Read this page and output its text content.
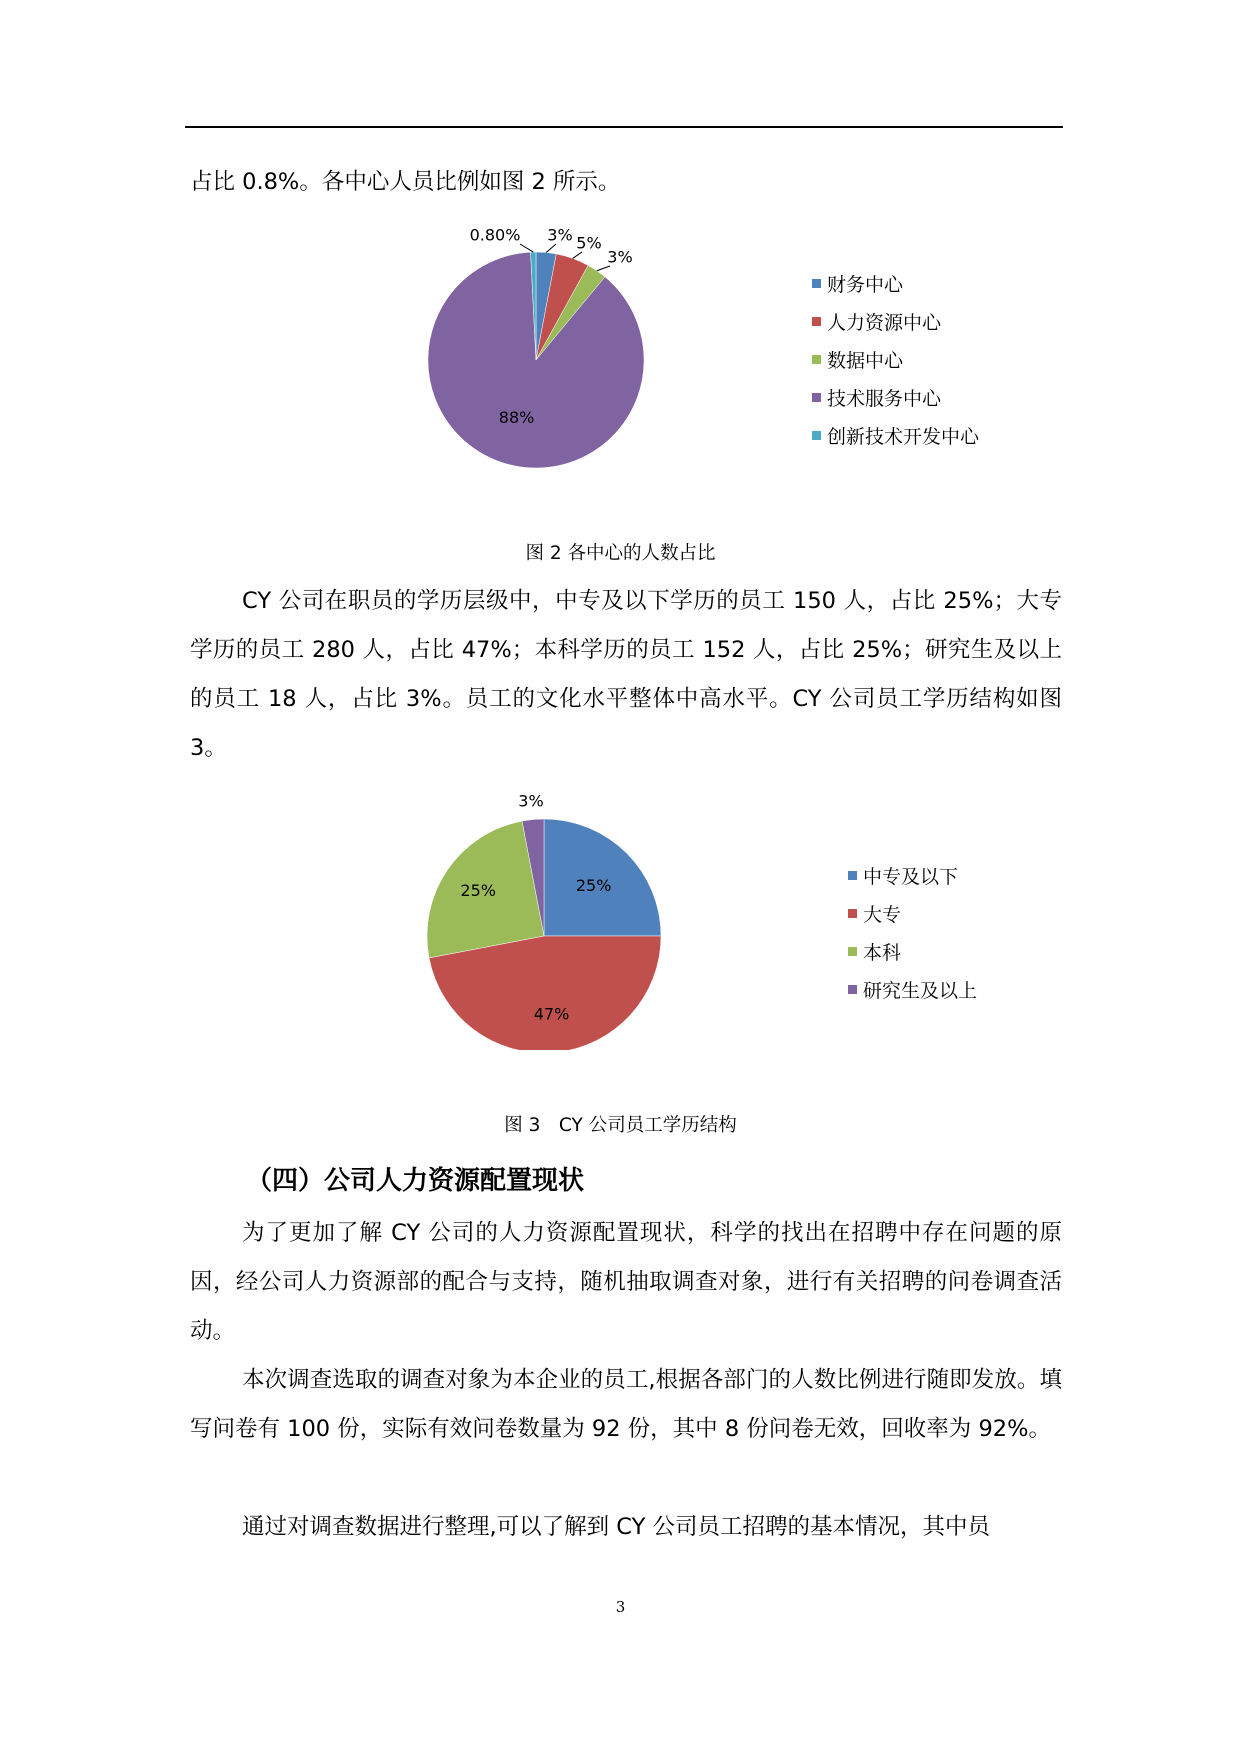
占比 0.8%。各中心人员比例如图 2 所示。

3% 5%
3%
88%
0.80%
财务中心
人力资源中心
数据中心
技术服务中心
创新技术开发中心
图 2 各中心的人数占比

CY 公司在职员的学历层级中，中专及以下学历的员工 150 人，占比 25%；大专学历的员工 280 人，占比 47%；本科学历的员工 152 人，占比 25%；研究生及以上的员工 18 人，占比 3%。员工的文化水平整体中高水平。CY 公司员工学历结构如图 3。

25%
47%
25%
3%
中专及以下
大专
本科
研究生及以上
图 3　CY 公司员工学历结构
（四）公司人力资源配置现状

为了更加了解 CY 公司的人力资源配置现状，科学的找出在招聘中存在问题的原因，经公司人力资源部的配合与支持，随机抽取调查对象，进行有关招聘的问卷调查活动。

本次调查选取的调查对象为本企业的员工,根据各部门的人数比例进行随即发放。填写问卷有 100 份，实际有效问卷数量为 92 份，其中 8 份问卷无效，回收率为 92%。

通过对调查数据进行整理,可以了解到 CY 公司员工招聘的基本情况，其中员

3
